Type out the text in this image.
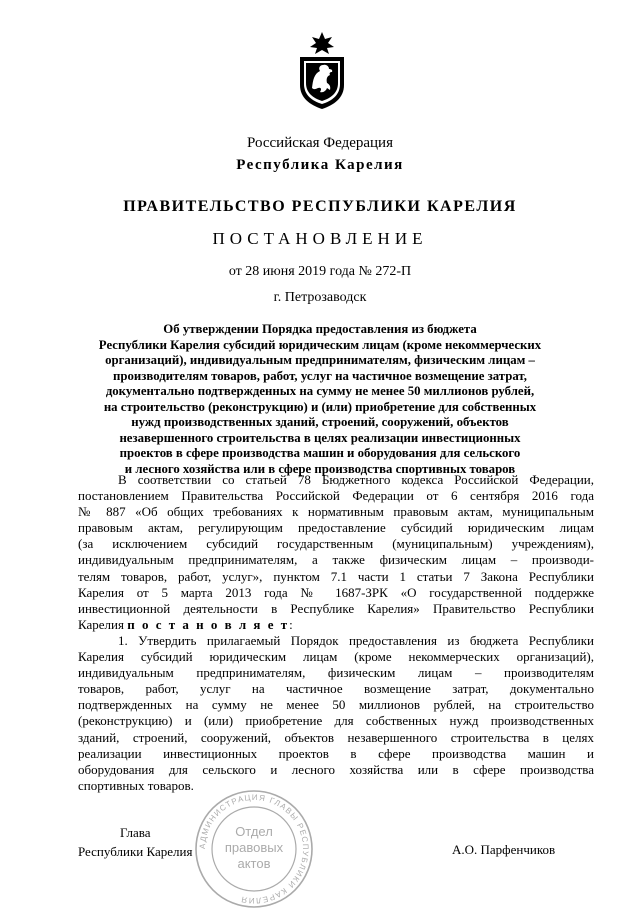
Российская Федерация
Республика Карелия
ПРАВИТЕЛЬСТВО РЕСПУБЛИКИ КАРЕЛИЯ
ПОСТАНОВЛЕНИЕ
от 28 июня 2019 года № 272-П
г. Петрозаводск
Об утверждении Порядка предоставления из бюджета
Республики Карелия субсидий юридическим лицам (кроме некоммерческих
организаций), индивидуальным предпринимателям, физическим лицам –
производителям товаров, работ, услуг на частичное возмещение затрат,
документально подтвержденных на сумму не менее 50 миллионов рублей,
на строительство (реконструкцию) и (или) приобретение для собственных
нужд производственных зданий, строений, сооружений, объектов
незавершенного строительства в целях реализации инвестиционных
проектов в сфере производства машин и оборудования для сельского
и лесного хозяйства или в сфере производства спортивных товаров
В соответствии со статьей 78 Бюджетного кодекса Российской Федерации,
постановлением Правительства Российской Федерации от 6 сентября 2016 года
№ 887 «Об общих требованиях к нормативным правовым актам, муниципальным
правовым актам, регулирующим предоставление субсидий юридическим лицам
(за исключением субсидий государственным (муниципальным) учреждениям),
индивидуальным предпринимателям, а также физическим лицам – производи-
телям товаров, работ, услуг», пунктом 7.1 части 1 статьи 7 Закона Республики
Карелия от 5 марта 2013 года № 1687-ЗРК «О государственной поддержке
инвестиционной деятельности в Республике Карелия» Правительство Республики
Карелия п о с т а н о в л я е т:
1. Утвердить прилагаемый Порядок предоставления из бюджета Республики
Карелия субсидий юридическим лицам (кроме некоммерческих организаций),
индивидуальным предпринимателям, физическим лицам – производителям
товаров, работ, услуг на частичное возмещение затрат, документально
подтвержденных на сумму не менее 50 миллионов рублей, на строительство
(реконструкцию) и (или) приобретение для собственных нужд производственных
зданий, строений, сооружений, объектов незавершенного строительства в целях
реализации инвестиционных проектов в сфере производства машин и
оборудования для сельского и лесного хозяйства или в сфере производства
спортивных товаров.
Глава
Республики Карелия	А.О. Парфенчиков
АДМИНИСТРАЦИЯ ГЛАВЫ РЕСПУБЛИКИ КАРЕЛИЯ
Отдел
правовых
актов
